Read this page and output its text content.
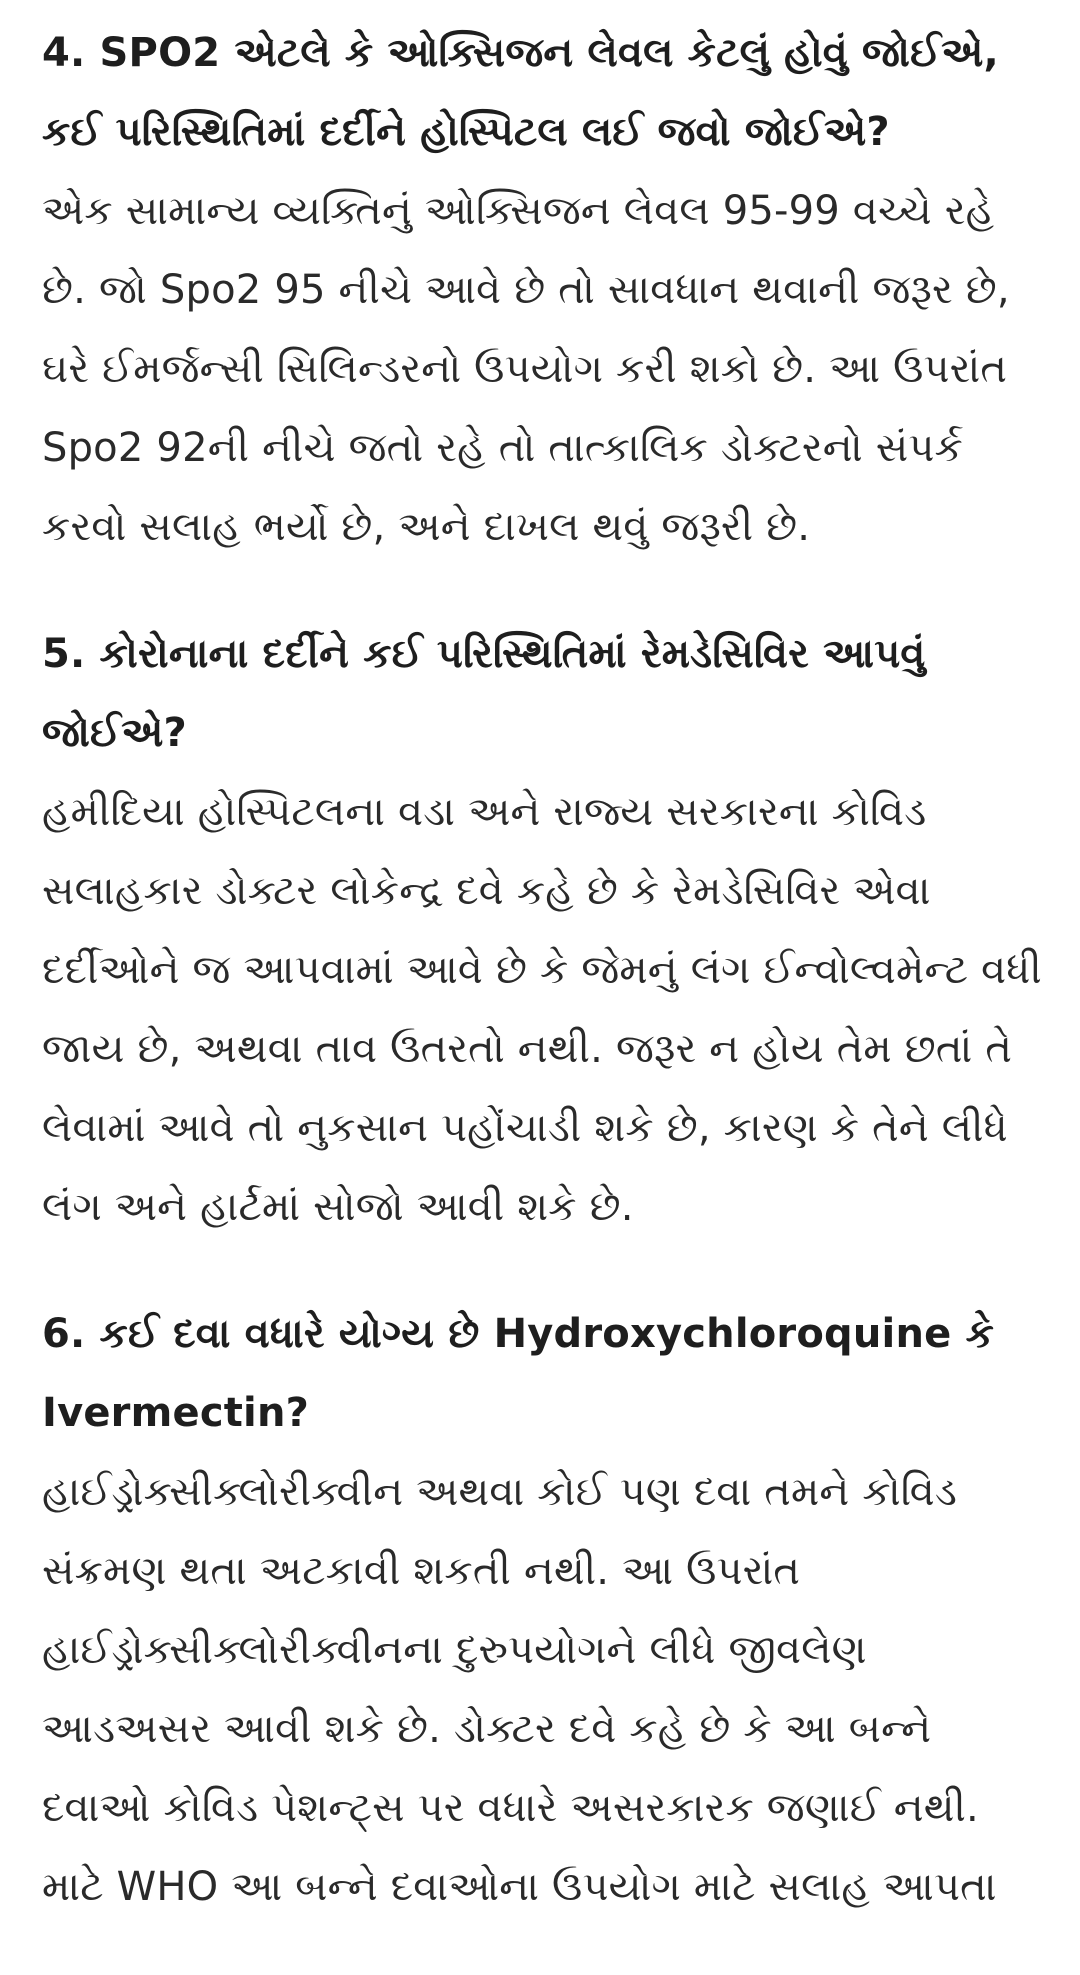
4. SPO2 એટલે કે ઓક્સિજન લેવલ કેટલું હોવું જોઈએ, કઈ પરિસ્થિતિમાં દર્દીને હોસ્પિટલ લઈ જવો જોઈએ?

એક સામાન્ય વ્યક્તિનું ઓક્સિજન લેવલ 95-99 વચ્ચે રહે છે. જો Spo2 95 નીચે આવે છે તો સાવધાન થવાની જરૂર છે, ઘરે ઈમર્જન્સી સિલિન્ડરનો ઉપયોગ કરી શકો છે. આ ઉપરાંત Spo2 92ની નીચે જતો રહે તો તાત્કાલિક ડોક્ટરનો સંપર્ક કરવો સલાહ ભર્યો છે, અને દાખલ થવું જરૂરી છે.

5. કોરોનાના દર્દીને કઈ પરિસ્થિતિમાં રેમડેસિવિર આપવું જોઈએ?

હમીદિયા હોસ્પિટલના વડા અને રાજ્ય સરકારના કોવિડ સલાહકાર ડોક્ટર લોકેન્દ્ર દવે કહે છે કે રેમડેસિવિર એવા દર્દીઓને જ આપવામાં આવે છે કે જેમનું લંગ ઈન્વોલ્વમેન્ટ વધી જાય છે, અથવા તાવ ઉતરતો નથી. જરૂર ન હોય તેમ છતાં તે લેવામાં આવે તો નુકસાન પહોંચાડી શકે છે, કારણ કે તેને લીધે લંગ અને હાર્ટમાં સોજો આવી શકે છે.

6. કઈ દવા વધારે યોગ્ય છે Hydroxychloroquine કે Ivermectin?

હાઈડ્રોક્સીક્લોરીક્વીન અથવા કોઈ પણ દવા તમને કોવિડ સંક્રમણ થતા અટકાવી શકતી નથી. આ ઉપરાંત હાઈડ્રોક્સીક્લોરીક્વીનના દુરુપયોગને લીધે જીવલેણ આડઅસર આવી શકે છે. ડોક્ટર દવે કહે છે કે આ બન્ને દવાઓ કોવિડ પેશન્ટ્સ પર વધારે અસરકારક જણાઈ નથી. માટે WHO આ બન્ને દવાઓના ઉપયોગ માટે સલાહ આપતા
